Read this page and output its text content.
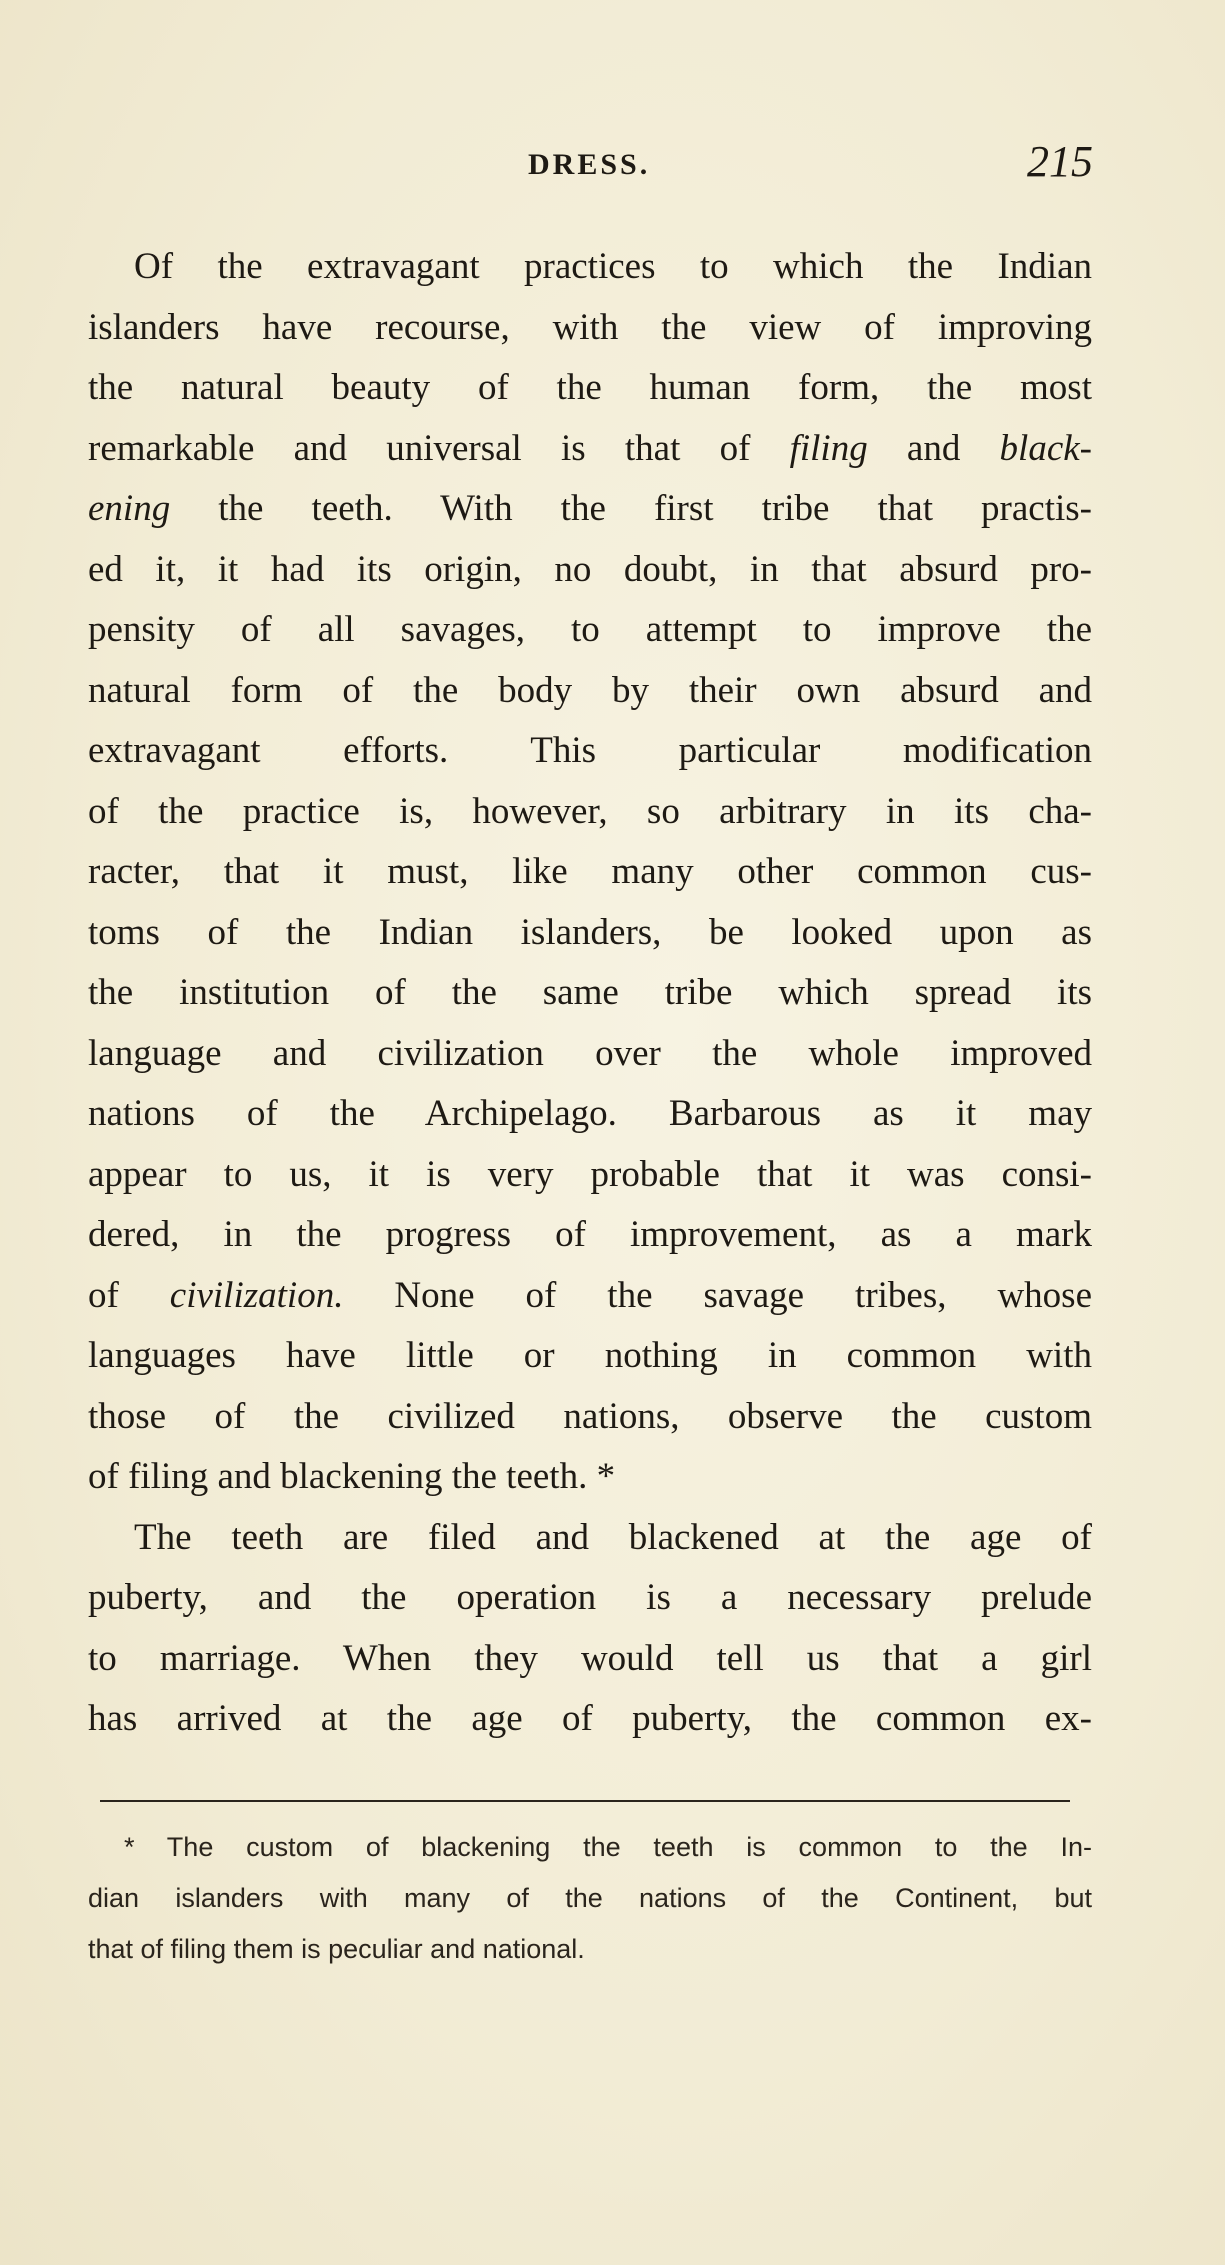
DRESS.	215
Of the extravagant practices to which the Indian
islanders have recourse, with the view of improving
the natural beauty of the human form, the most
remarkable and universal is that of filing and black-
ening the teeth. With the first tribe that practis-
ed it, it had its origin, no doubt, in that absurd pro-
pensity of all savages, to attempt to improve the
natural form of the body by their own absurd and
extravagant efforts. This particular modification
of the practice is, however, so arbitrary in its cha-
racter, that it must, like many other common cus-
toms of the Indian islanders, be looked upon as
the institution of the same tribe which spread its
language and civilization over the whole improved
nations of the Archipelago. Barbarous as it may
appear to us, it is very probable that it was consi-
dered, in the progress of improvement, as a mark
of civilization. None of the savage tribes, whose
languages have little or nothing in common with
those of the civilized nations, observe the custom
of filing and blackening the teeth. *
The teeth are filed and blackened at the age of
puberty, and the operation is a necessary prelude
to marriage. When they would tell us that a girl
has arrived at the age of puberty, the common ex-
* The custom of blackening the teeth is common to the In-
dian islanders with many of the nations of the Continent, but
that of filing them is peculiar and national.
